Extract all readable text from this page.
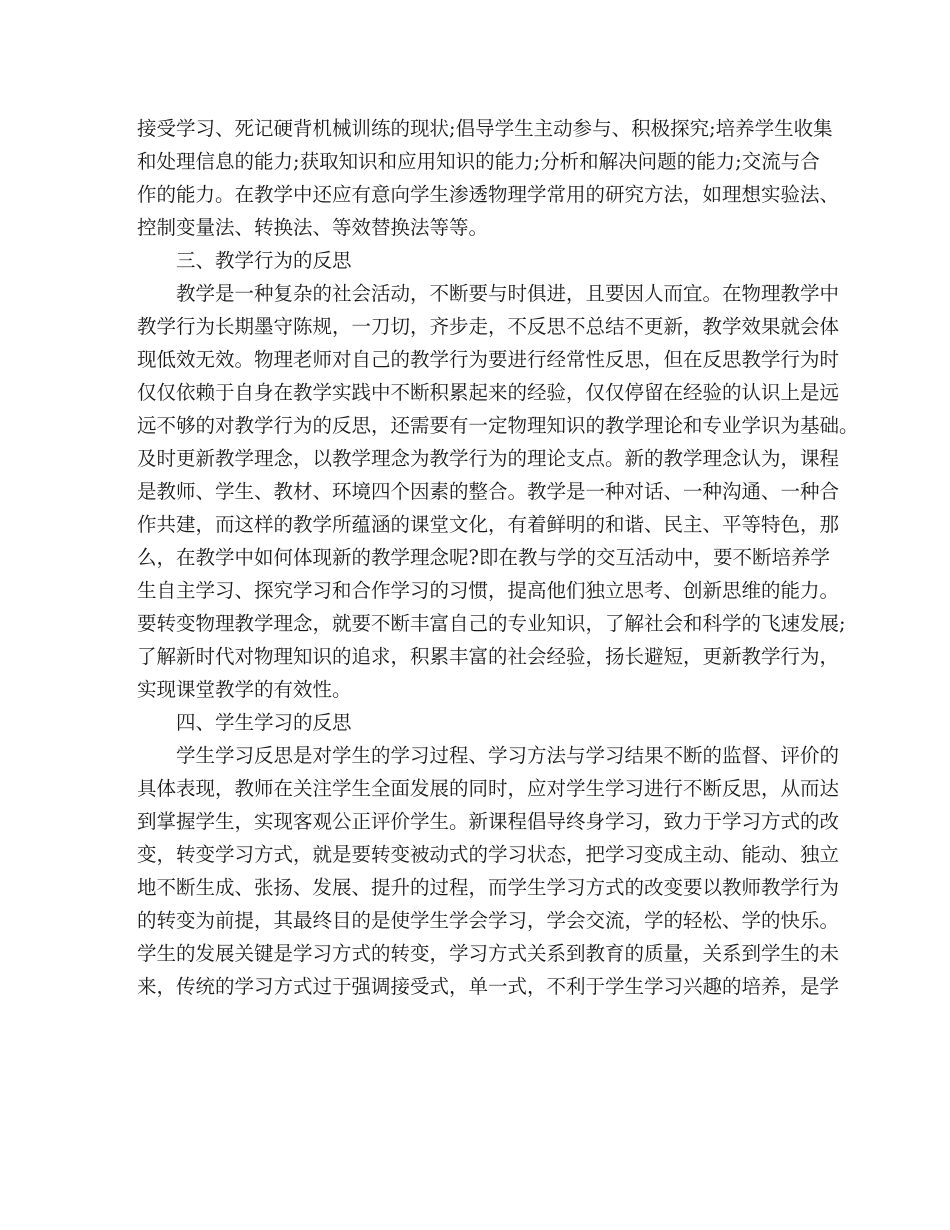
接受学习、死记硬背机械训练的现状;倡导学生主动参与、积极探究;培养学生收集
和处理信息的能力;获取知识和应用知识的能力;分析和解决问题的能力;交流与合
作的能力。在教学中还应有意向学生渗透物理学常用的研究方法，如理想实验法、
控制变量法、转换法、等效替换法等等。
三、教学行为的反思
教学是一种复杂的社会活动，不断要与时俱进，且要因人而宜。在物理教学中
教学行为长期墨守陈规，一刀切，齐步走，不反思不总结不更新，教学效果就会体
现低效无效。物理老师对自己的教学行为要进行经常性反思，但在反思教学行为时
仅仅依赖于自身在教学实践中不断积累起来的经验，仅仅停留在经验的认识上是远
远不够的对教学行为的反思，还需要有一定物理知识的教学理论和专业学识为基础。
及时更新教学理念，以教学理念为教学行为的理论支点。新的教学理念认为，课程
是教师、学生、教材、环境四个因素的整合。教学是一种对话、一种沟通、一种合
作共建，而这样的教学所蕴涵的课堂文化，有着鲜明的和谐、民主、平等特色，那
么，在教学中如何体现新的教学理念呢?即在教与学的交互活动中，要不断培养学
生自主学习、探究学习和合作学习的习惯，提高他们独立思考、创新思维的能力。
要转变物理教学理念，就要不断丰富自己的专业知识，了解社会和科学的飞速发展;
了解新时代对物理知识的追求，积累丰富的社会经验，扬长避短，更新教学行为，
实现课堂教学的有效性。
四、学生学习的反思
学生学习反思是对学生的学习过程、学习方法与学习结果不断的监督、评价的
具体表现，教师在关注学生全面发展的同时，应对学生学习进行不断反思，从而达
到掌握学生，实现客观公正评价学生。新课程倡导终身学习，致力于学习方式的改
变，转变学习方式，就是要转变被动式的学习状态，把学习变成主动、能动、独立
地不断生成、张扬、发展、提升的过程，而学生学习方式的改变要以教师教学行为
的转变为前提，其最终目的是使学生学会学习，学会交流，学的轻松、学的快乐。
学生的发展关键是学习方式的转变，学习方式关系到教育的质量，关系到学生的未
来，传统的学习方式过于强调接受式，单一式，不利于学生学习兴趣的培养，是学
